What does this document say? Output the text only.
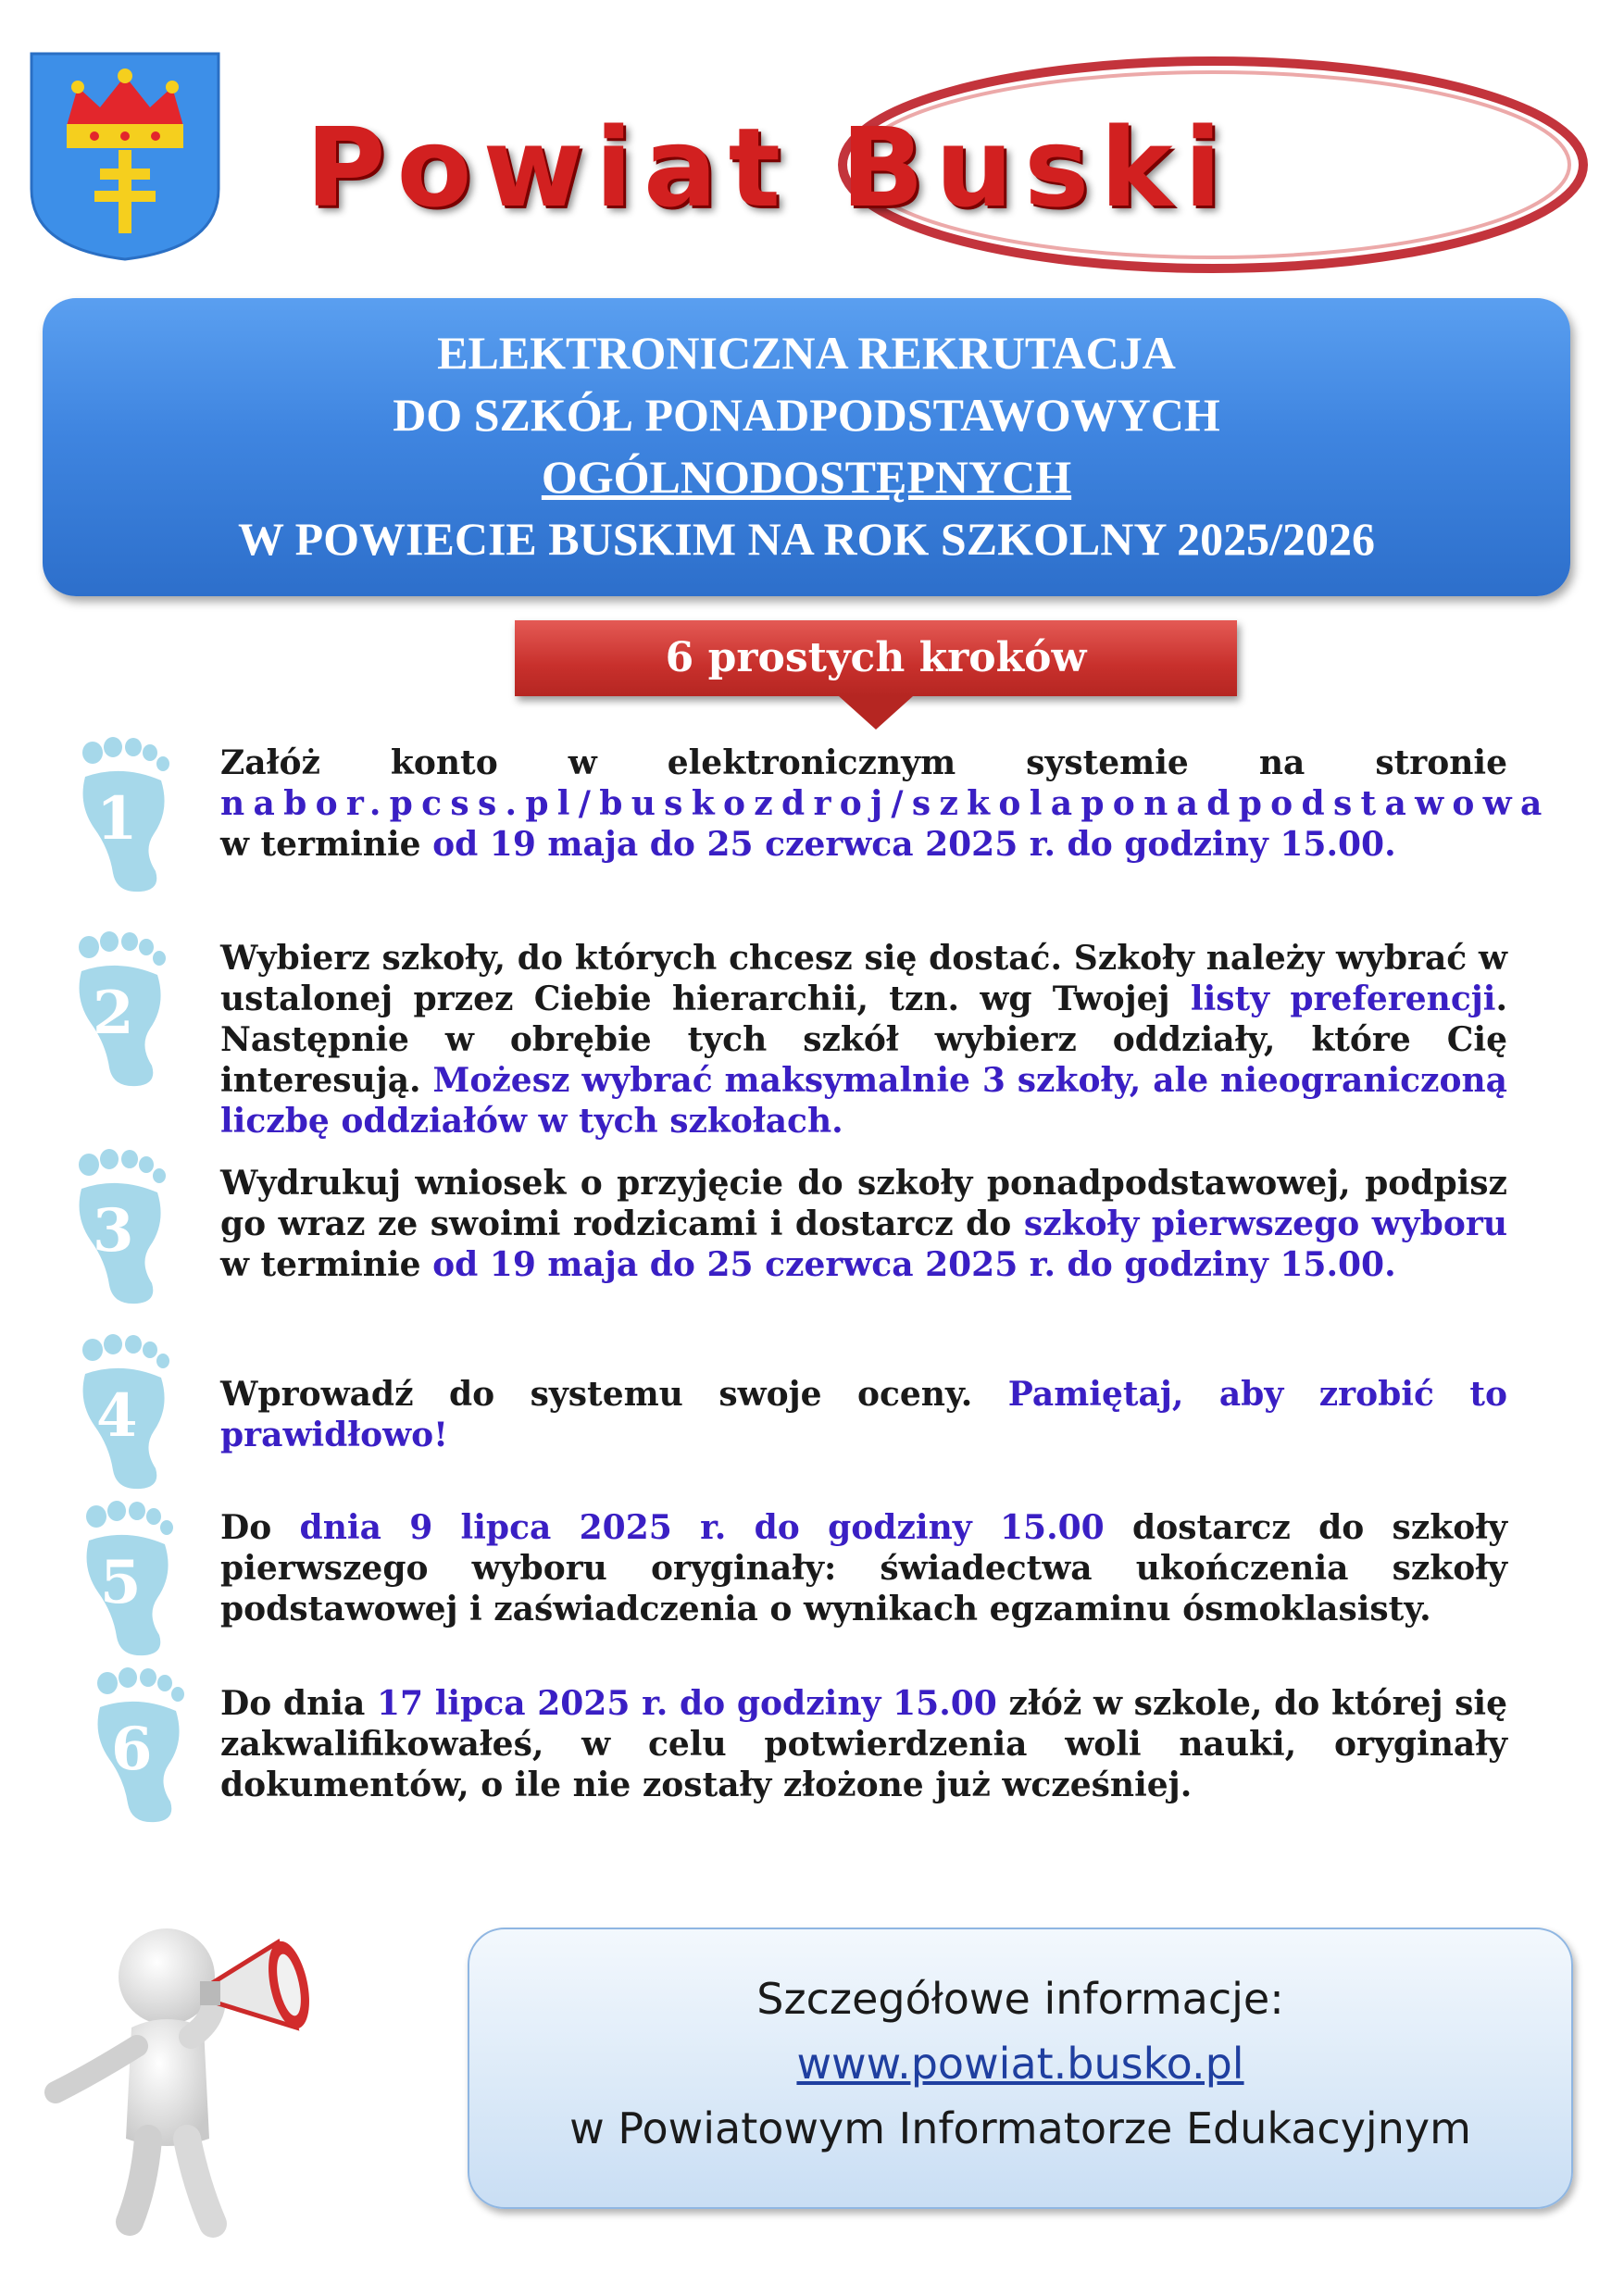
Powiat Buski
ELEKTRONICZNA REKRUTACJA
DO SZKÓŁ PONADPODSTAWOWYCH
OGÓLNODOSTĘPNYCH
W POWIECIE BUSKIM NA ROK SZKOLNY 2025/2026
6 prostych kroków
1
2
3
4
5
6
Załóż konto w elektronicznym systemie na stronie
nabor.pcss.pl/buskozdroj/szkolaponadpodstawowa
w terminie od 19 maja do 25 czerwca 2025 r. do godziny 15.00.
Wybierz szkoły, do których chcesz się dostać. Szkoły należy wybrać w ustalonej przez Ciebie hierarchii, tzn. wg Twojej listy preferencji. Następnie w obrębie tych szkół wybierz oddziały, które Cię interesują. Możesz wybrać maksymalnie 3 szkoły, ale nieograniczoną liczbę oddziałów w tych szkołach.
Wydrukuj wniosek o przyjęcie do szkoły ponadpodstawowej, podpisz go wraz ze swoimi rodzicami i dostarcz do szkoły pierwszego wyboru w terminie od 19 maja do 25 czerwca 2025 r. do godziny 15.00.
Wprowadź do systemu swoje oceny. Pamiętaj, aby zrobić to prawidłowo!
Do dnia 9 lipca 2025 r. do godziny 15.00 dostarcz do szkoły pierwszego wyboru oryginały: świadectwa ukończenia szkoły podstawowej i zaświadczenia o wynikach egzaminu ósmoklasisty.
Do dnia 17 lipca 2025 r. do godziny 15.00 złóż w szkole, do której się zakwalifikowałeś, w celu potwierdzenia woli nauki, oryginały dokumentów, o ile nie zostały złożone już wcześniej.
Szczegółowe informacje:
www.powiat.busko.pl
w Powiatowym Informatorze Edukacyjnym
